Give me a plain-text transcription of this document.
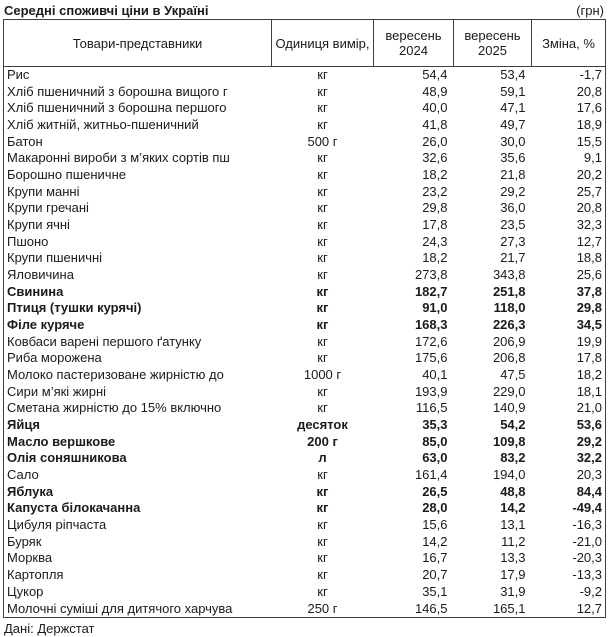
Середні споживчі ціни в Україні	(грн)
Товари-представники	Одиниця вимір,	вересень 2024	вересень 2025	Зміна, %
Рис	кг	54,4	53,4	-1,7
Хліб пшеничний з борошна вищого г	кг	48,9	59,1	20,8
Хліб пшеничний з борошна першого	кг	40,0	47,1	17,6
Хліб житній, житньо-пшеничний	кг	41,8	49,7	18,9
Батон	500 г	26,0	30,0	15,5
Макаронні вироби з м’яких сортів пш	кг	32,6	35,6	9,1
Борошно пшеничне	кг	18,2	21,8	20,2
Крупи манні	кг	23,2	29,2	25,7
Крупи гречані	кг	29,8	36,0	20,8
Крупи ячні	кг	17,8	23,5	32,3
Пшоно	кг	24,3	27,3	12,7
Крупи пшеничні	кг	18,2	21,7	18,8
Яловичина	кг	273,8	343,8	25,6
Свинина	кг	182,7	251,8	37,8
Птиця (тушки курячі)	кг	91,0	118,0	29,8
Філе куряче	кг	168,3	226,3	34,5
Ковбаси варені першого ґатунку	кг	172,6	206,9	19,9
Риба морожена	кг	175,6	206,8	17,8
Молоко пастеризоване жирністю до	1000 г	40,1	47,5	18,2
Сири м’які жирні	кг	193,9	229,0	18,1
Сметана жирністю до 15% включно	кг	116,5	140,9	21,0
Яйця	десяток	35,3	54,2	53,6
Масло вершкове	200 г	85,0	109,8	29,2
Олія соняшникова	л	63,0	83,2	32,2
Сало	кг	161,4	194,0	20,3
Яблука	кг	26,5	48,8	84,4
Капуста білокачанна	кг	28,0	14,2	-49,4
Цибуля ріпчаста	кг	15,6	13,1	-16,3
Буряк	кг	14,2	11,2	-21,0
Морква	кг	16,7	13,3	-20,3
Картопля	кг	20,7	17,9	-13,3
Цукор	кг	35,1	31,9	-9,2
Молочні суміші для дитячого харчува	250 г	146,5	165,1	12,7
Дані: Держстат
